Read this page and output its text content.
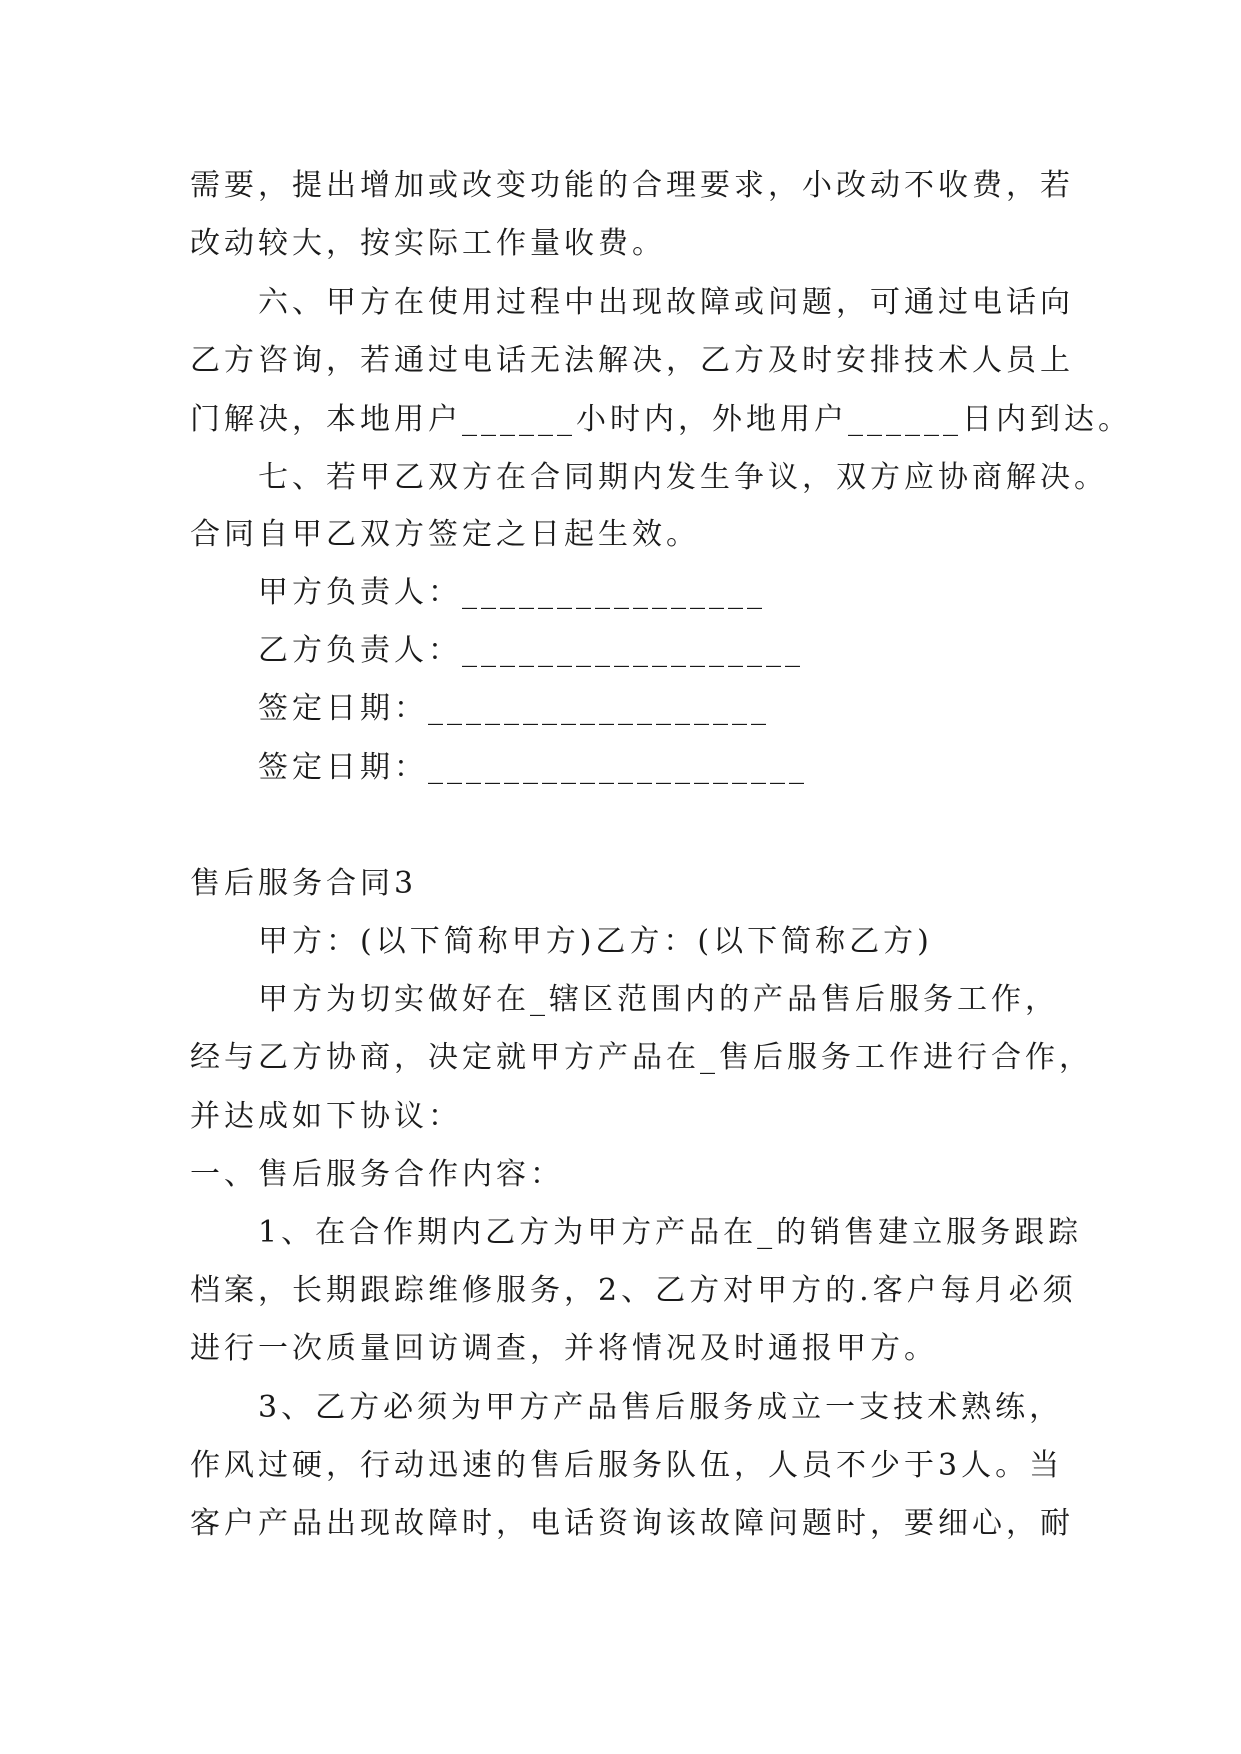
需要，提出增加或改变功能的合理要求，小改动不收费，若
改动较大，按实际工作量收费。
六、甲方在使用过程中出现故障或问题，可通过电话向
乙方咨询，若通过电话无法解决，乙方及时安排技术人员上
门解决，本地用户______小时内，外地用户______日内到达。
七、若甲乙双方在合同期内发生争议，双方应协商解决。
合同自甲乙双方签定之日起生效。
甲方负责人：________________
乙方负责人：__________________
签定日期：__________________
签定日期：____________________
售后服务合同3
甲方：(以下简称甲方)乙方：(以下简称乙方)
甲方为切实做好在_辖区范围内的产品售后服务工作，
经与乙方协商，决定就甲方产品在_售后服务工作进行合作，
并达成如下协议：
一、售后服务合作内容：
1、在合作期内乙方为甲方产品在_的销售建立服务跟踪
档案，长期跟踪维修服务，2、乙方对甲方的.客户每月必须
进行一次质量回访调查，并将情况及时通报甲方。
3、乙方必须为甲方产品售后服务成立一支技术熟练，
作风过硬，行动迅速的售后服务队伍，人员不少于3人。当
客户产品出现故障时，电话资询该故障问题时，要细心，耐
